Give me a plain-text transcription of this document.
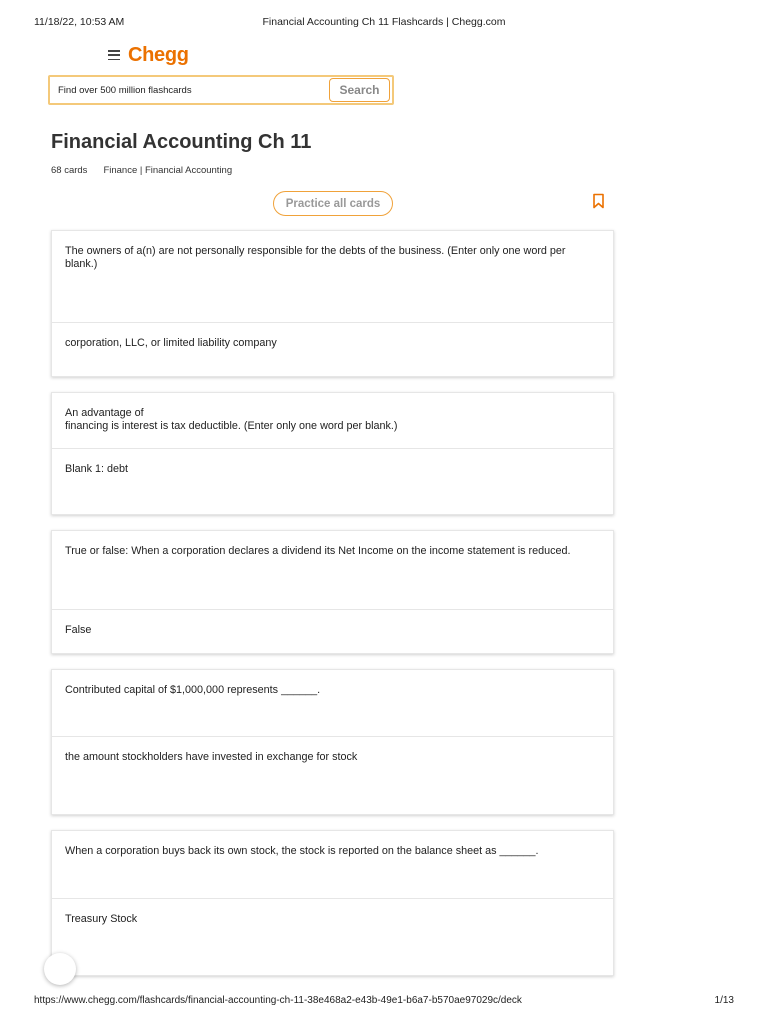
11/18/22, 10:53 AM	Financial Accounting Ch 11 Flashcards | Chegg.com
Chegg
Find over 500 million flashcards
Search
Financial Accounting Ch 11
68 cards Finance | Financial Accounting
Practice all cards
The owners of a(n) are not personally responsible for the debts of the business. (Enter only one word per blank.)
corporation, LLC, or limited liability company
An advantage of
financing is interest is tax deductible. (Enter only one word per blank.)
Blank 1: debt
True or false: When a corporation declares a dividend its Net Income on the income statement is reduced.
False
Contributed capital of $1,000,000 represents ______.
the amount stockholders have invested in exchange for stock
When a corporation buys back its own stock, the stock is reported on the balance sheet as ______.
Treasury Stock
https://www.chegg.com/flashcards/financial-accounting-ch-11-38e468a2-e43b-49e1-b6a7-b570ae97029c/deck	1/13
